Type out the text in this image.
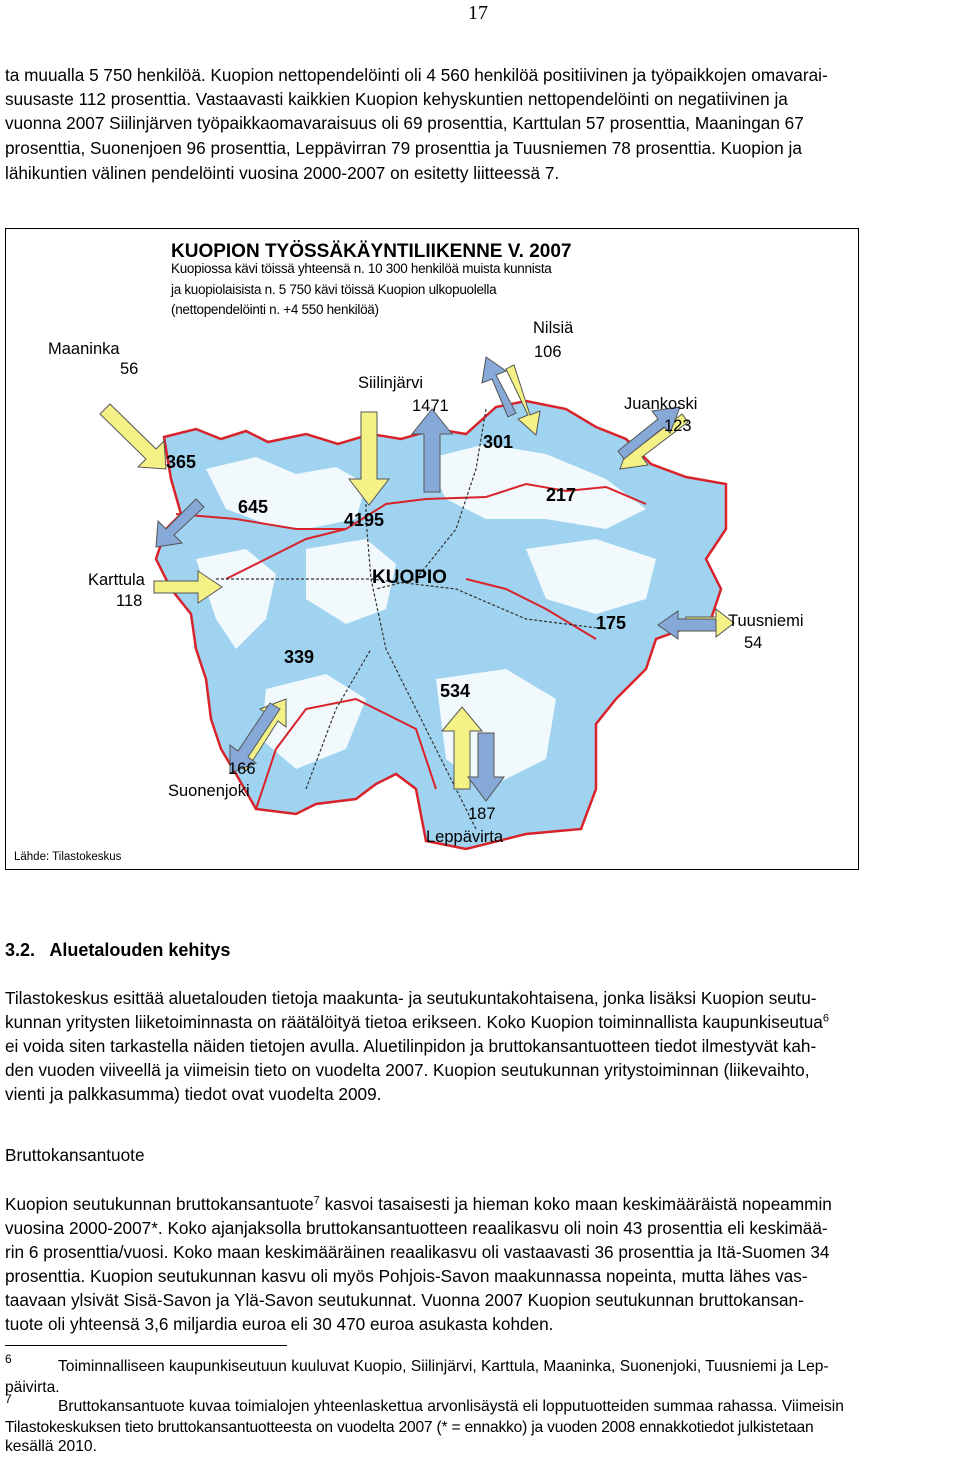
17
ta muualla 5 750 henkilöä. Kuopion nettopendelöinti oli 4 560 henkilöä positiivinen ja työpaikkojen omavarai-
suusaste 112 prosenttia. Vastaavasti kaikkien Kuopion kehyskuntien nettopendelöinti on negatiivinen ja
vuonna 2007 Siilinjärven työpaikkaomavaraisuus oli 69 prosenttia, Karttulan 57 prosenttia, Maaningan 67
prosenttia, Suonenjoen 96 prosenttia, Leppävirran 79 prosenttia ja Tuusniemen 78 prosenttia. Kuopion ja
lähikuntien välinen pendelöinti vuosina 2000-2007 on esitetty liitteessä 7.
KUOPION TYÖSSÄKÄYNTILIIKENNE V. 2007
Kuopiossa kävi töissä yhteensä n. 10 300 henkilöä muista kunnista
ja kuopiolaisista n. 5 750 kävi töissä Kuopion ulkopuolella
(nettopendelöinti n. +4 550 henkilöä)
Maaninka
56
365
Siilinjärvi
1471
4195
Nilsiä
106
301
Juankoski
123
217
Karttula
118
645
Tuusniemi
54
175
166
Suonenjoki
339
187
Leppävirta
534
KUOPIO
Lähde: Tilastokeskus
3.2.   Aluetalouden kehitys
Tilastokeskus esittää aluetalouden tietoja maakunta- ja seutukuntakohtaisena, jonka lisäksi Kuopion seutu-
kunnan yritysten liiketoiminnasta on räätälöityä tietoa erikseen. Koko Kuopion toiminnallista kaupunkiseutua$^6$
ei voida siten tarkastella näiden tietojen avulla. Aluetilinpidon ja bruttokansantuotteen tiedot ilmestyvät kah-
den vuoden viiveellä ja viimeisin tieto on vuodelta 2007. Kuopion seutukunnan yritystoiminnan (liikevaihto,
vienti ja palkkasumma) tiedot ovat vuodelta 2009.
Bruttokansantuote
Kuopion seutukunnan bruttokansantuote$^7$ kasvoi tasaisesti ja hieman koko maan keskimääräistä nopeammin
vuosina 2000-2007*. Koko ajanjaksolla bruttokansantuotteen reaalikasvu oli noin 43 prosenttia eli keskimää-
rin 6 prosenttia/vuosi. Koko maan keskimääräinen reaalikasvu oli vastaavasti 36 prosenttia ja Itä-Suomen 34
prosenttia. Kuopion seutukunnan kasvu oli myös Pohjois-Savon maakunnassa nopeinta, mutta lähes vas-
taavaan ylsivät Sisä-Savon ja Ylä-Savon seutukunnat. Vuonna 2007 Kuopion seutukunnan bruttokansan-
tuote oli yhteensä 3,6 miljardia euroa eli 30 470 euroa asukasta kohden.
6	Toiminnalliseen kaupunkiseutuun kuuluvat Kuopio, Siilinjärvi, Karttula, Maaninka, Suonenjoki, Tuusniemi ja Lep-
päivirta.
7	Bruttokansantuote kuvaa toimialojen yhteenlaskettua arvonlisäystä eli lopputuotteiden summaa rahassa. Viimeisin
Tilastokeskuksen tieto bruttokansantuotteesta on vuodelta 2007 (* = ennakko) ja vuoden 2008 ennakkotiedot julkistetaan
kesällä 2010.
